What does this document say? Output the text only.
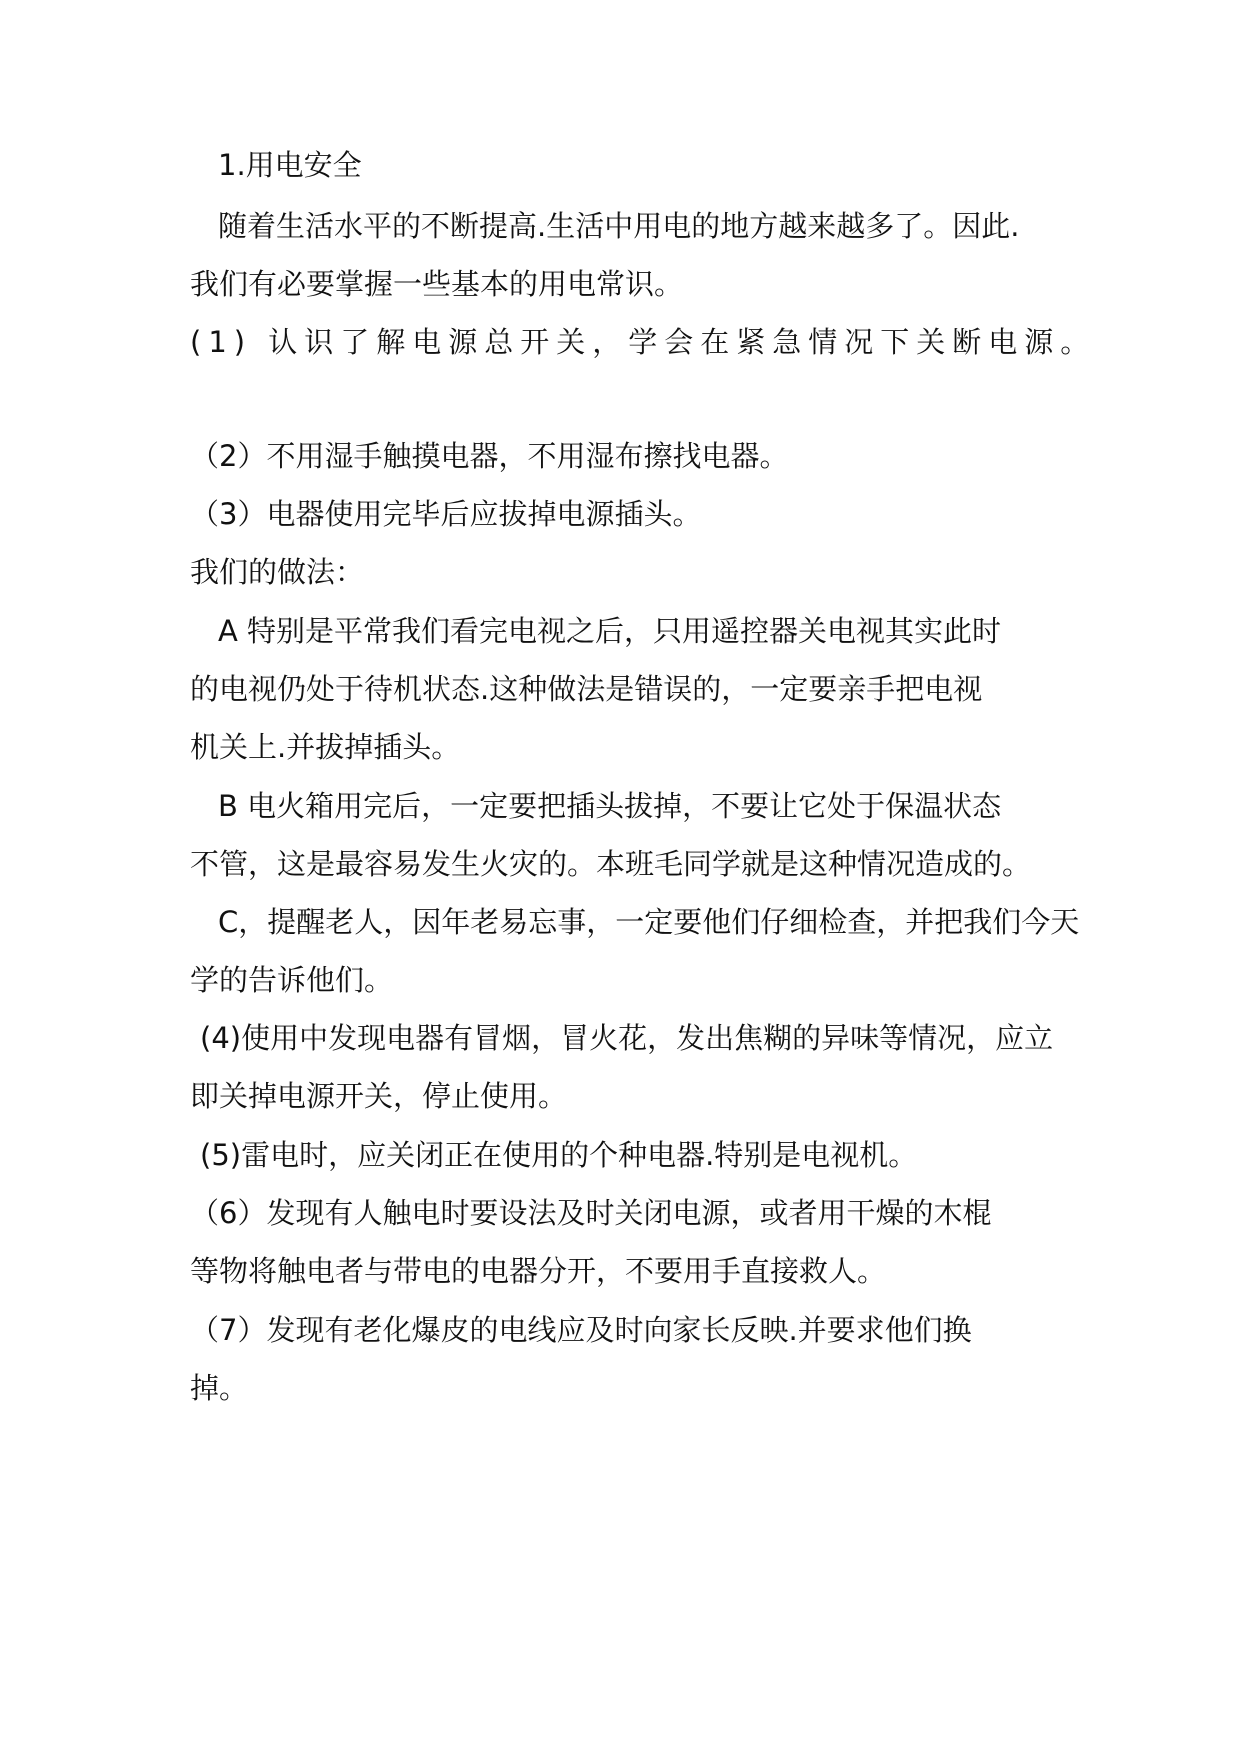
1.用电安全
随着生活水平的不断提高.生活中用电的地方越来越多了。因此.
我们有必要掌握一些基本的用电常识。
(1) 认识了解电源总开关，学会在紧急情况下关断电源。
（2）不用湿手触摸电器，不用湿布擦找电器。
（3）电器使用完毕后应拔掉电源插头。
我们的做法：
A 特别是平常我们看完电视之后，只用遥控器关电视其实此时
的电视仍处于待机状态.这种做法是错误的，一定要亲手把电视
机关上.并拔掉插头。
B 电火箱用完后，一定要把插头拔掉，不要让它处于保温状态
不管，这是最容易发生火灾的。本班毛同学就是这种情况造成的。
C，提醒老人，因年老易忘事，一定要他们仔细检查，并把我们今天
学的告诉他们。
(4)使用中发现电器有冒烟，冒火花，发出焦糊的异味等情况，应立
即关掉电源开关，停止使用。
(5)雷电时，应关闭正在使用的个种电器.特别是电视机。
（6）发现有人触电时要设法及时关闭电源，或者用干燥的木棍
等物将触电者与带电的电器分开，不要用手直接救人。
（7）发现有老化爆皮的电线应及时向家长反映.并要求他们换
掉。
